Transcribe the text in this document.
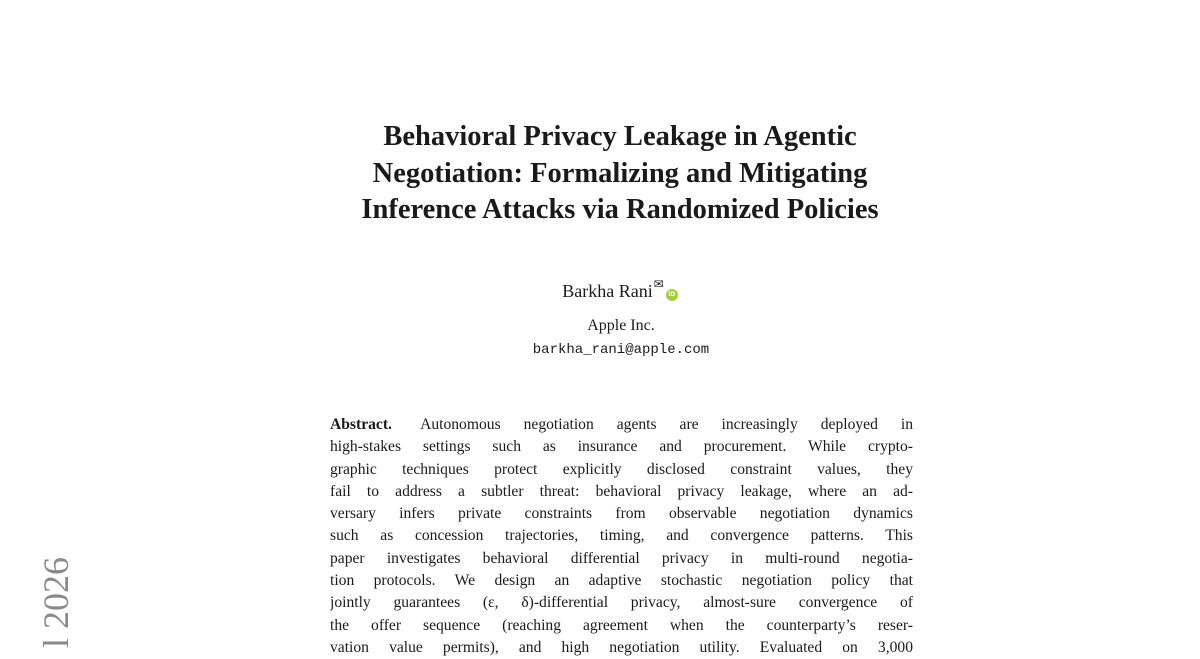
l 2026
Behavioral Privacy Leakage in Agentic
Negotiation: Formalizing and Mitigating
Inference Attacks via Randomized Policies
Barkha Rani✉iD
Apple Inc.
barkha_rani@apple.com
Abstract. Autonomous negotiation agents are increasingly deployed in
high-stakes settings such as insurance and procurement. While crypto-
graphic techniques protect explicitly disclosed constraint values, they
fail to address a subtler threat: behavioral privacy leakage, where an ad-
versary infers private constraints from observable negotiation dynamics
such as concession trajectories, timing, and convergence patterns. This
paper investigates behavioral differential privacy in multi-round negotia-
tion protocols. We design an adaptive stochastic negotiation policy that
jointly guarantees (ε, δ)-differential privacy, almost-sure convergence of
the offer sequence (reaching agreement when the counterparty’s reser-
vation value permits), and high negotiation utility. Evaluated on 3,000
